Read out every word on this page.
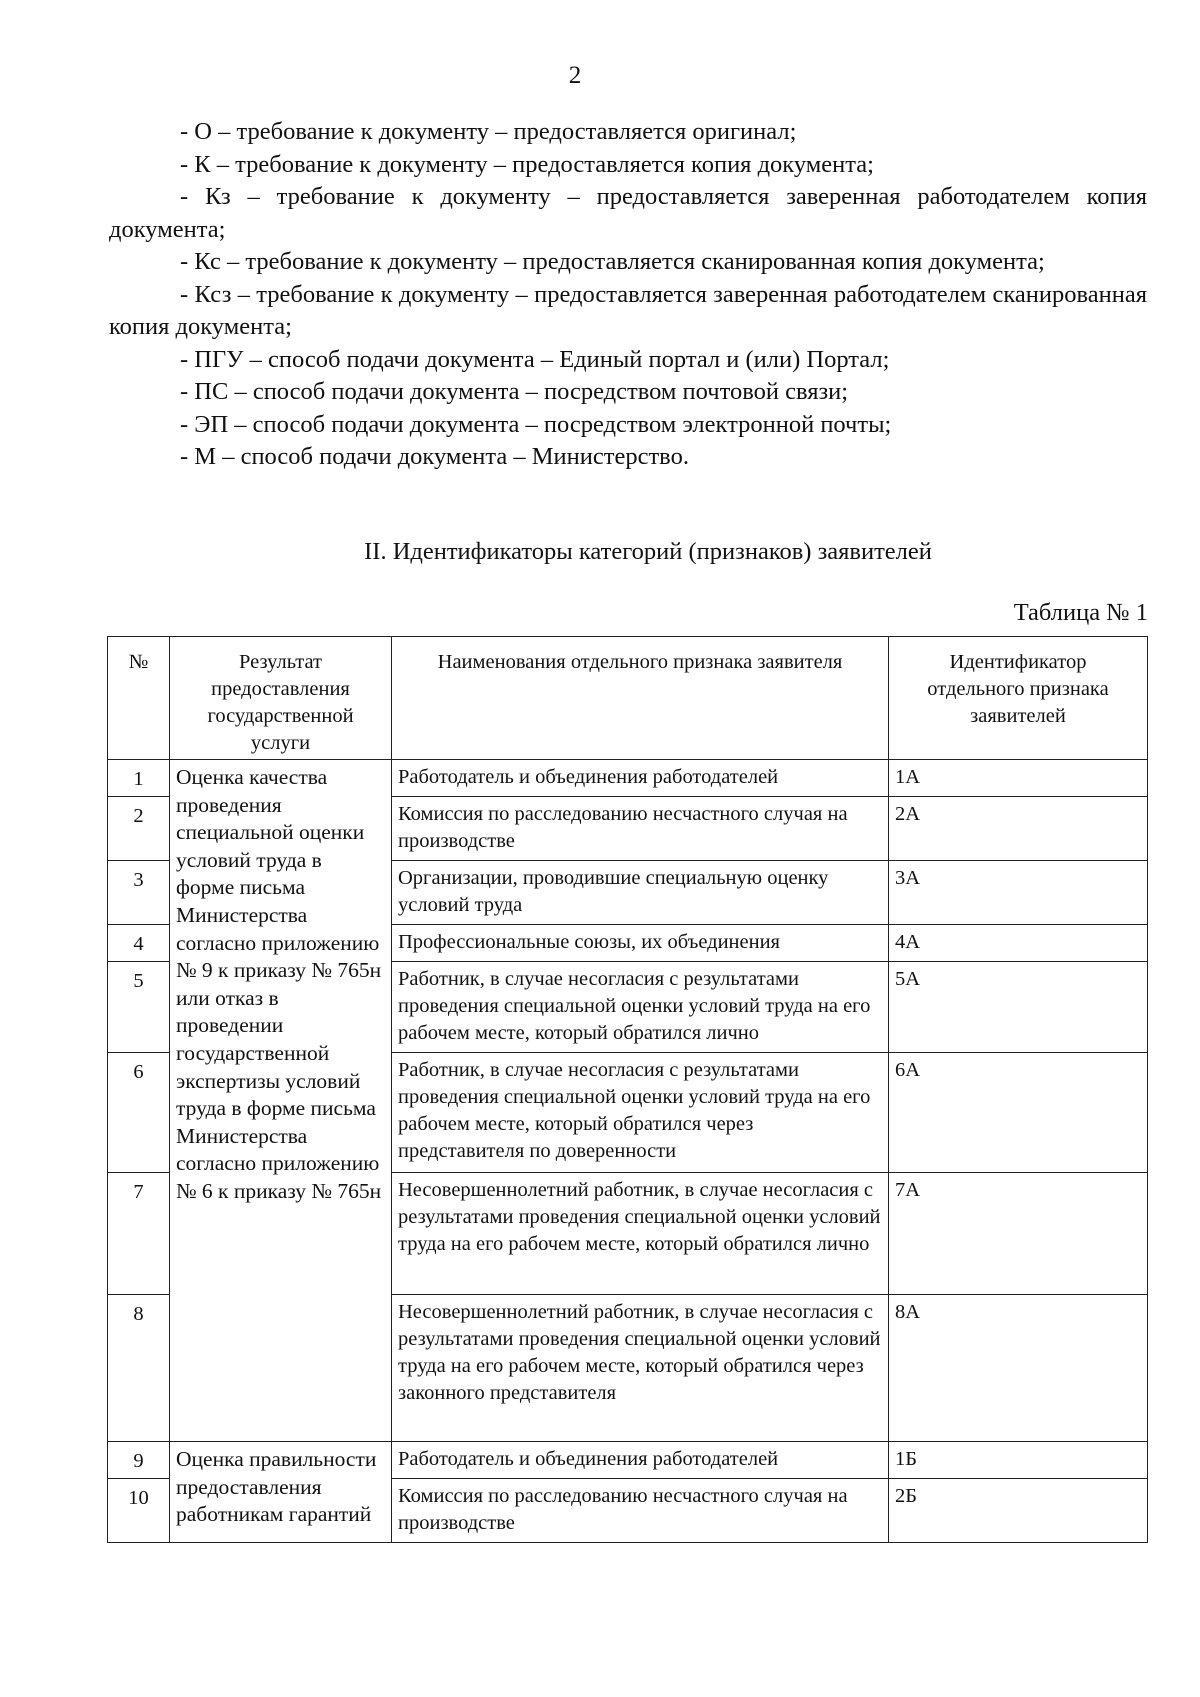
2

- О – требование к документу – предоставляется оригинал;

- К – требование к документу – предоставляется копия документа;

- Кз – требование к документу – предоставляется заверенная работодателем копия документа;

- Кс – требование к документу – предоставляется сканированная копия документа;

- Ксз – требование к документу – предоставляется заверенная работодателем сканированная копия документа;

- ПГУ – способ подачи документа – Единый портал и (или) Портал;

- ПС – способ подачи документа – посредством почтовой связи;

- ЭП – способ подачи документа – посредством электронной почты;

- М – способ подачи документа – Министерство.

II. Идентификаторы категорий (признаков) заявителей
Таблица № 1
№	Результат предоставления государственной услуги	Наименования отдельного признака заявителя	Идентификатор отдельного признака заявителей
1	Оценка качества проведения специальной оценки условий труда в форме письма Министерства согласно приложению № 9 к приказу № 765н или отказ в проведении государственной экспертизы условий труда в форме письма Министерства согласно приложению № 6 к приказу № 765н	Работодатель и объединения работодателей	1А
2		Комиссия по расследованию несчастного случая на производстве	2А
3		Организации, проводившие специальную оценку условий труда	3А
4		Профессиональные союзы, их объединения	4А
5		Работник, в случае несогласия с результатами проведения специальной оценки условий труда на его рабочем месте, который обратился лично	5А
6		Работник, в случае несогласия с результатами проведения специальной оценки условий труда на его рабочем месте, который обратился через представителя по доверенности	6А
7		Несовершеннолетний работник, в случае несогласия с результатами проведения специальной оценки условий труда на его рабочем месте, который обратился лично	7А
8		Несовершеннолетний работник, в случае несогласия с результатами проведения специальной оценки условий труда на его рабочем месте, который обратился через законного представителя	8А
9	Оценка правильности предоставления работникам гарантий	Работодатель и объединения работодателей	1Б
10		Комиссия по расследованию несчастного случая на производстве	2Б
